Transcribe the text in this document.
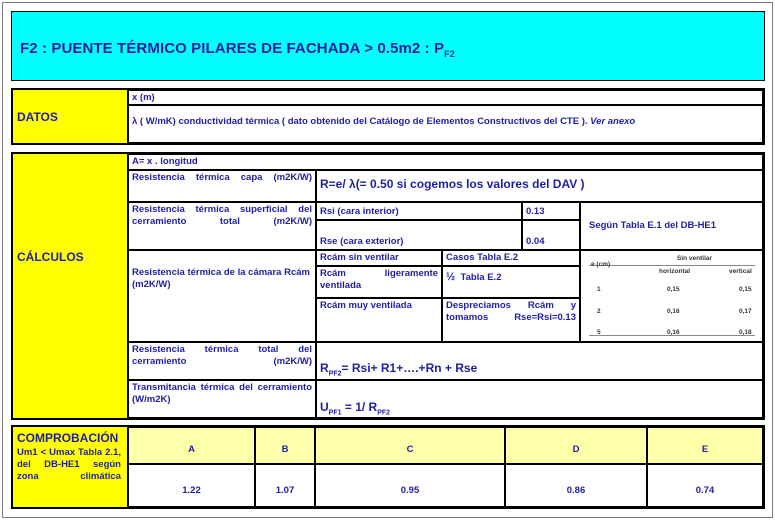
F2 : PUENTE TÉRMICO PILARES DE FACHADA > 0.5m2 : $P_{F2}$
DATOS
x (m)
λ ( W/mK) conductividad térmica ( dato obtenido del Catálogo de Elementos Constructivos del CTE ). Ver anexo
CÁLCULOS
A= x . longitud
Resistencia térmica capa (m2K/W) R=e/ λ(= 0.50 si cogemos los valores del DAV )
Resistencia térmica superficial del cerramiento total (m2K/W)
Rsi (cara interior)	0.13
Rse (cara exterior)	0.04
Según Tabla E.1 del DB-HE1
Resistencia térmica de la cámara Rcám (m2K/W)
Rcám sin ventilar	Casos Tabla E.2
Rcám ligeramente ventilada
½ Tabla E.2
Rcám muy ventilada	Despreciamos Rcám y tomamos Rse=Rsi=0.13
Sin ventilar
e (cm)
horizontal	vertical
1	0,15	0,15
2	0,16	0,17
5	0,16	0,18
Resistencia térmica total del cerramiento (m2K/W) $R_{PF2}= Rsi+$ R1+….+Rn + Rse
Transmitancia térmica del cerramiento (W/m2K)
$U_{PF1} = 1/$ $R_{PF2}$
COMPROBACIÓN
Um1 < Umax Tabla 2.1, del DB-HE1 según zona climática
A	B	C	D	E
1.22	1.07	0.95	0.86	0.74
